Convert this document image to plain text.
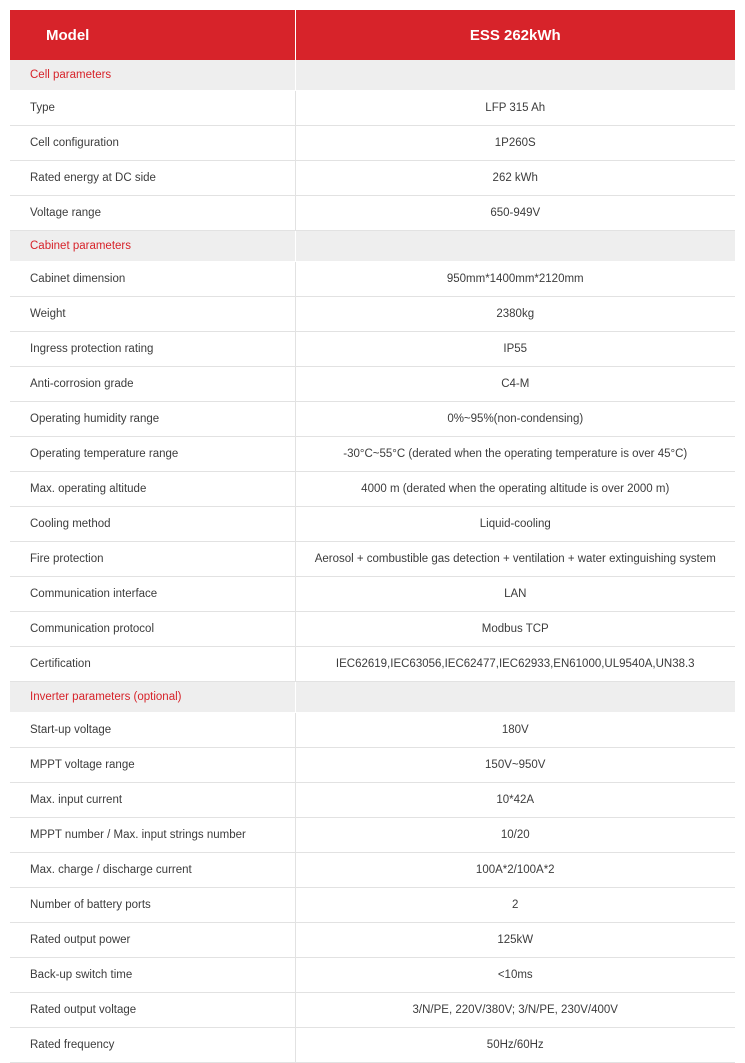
Model	ESS 262kWh
Cell parameters	
Type	LFP 315 Ah
Cell configuration	1P260S
Rated energy at DC side	262 kWh
Voltage range	650-949V
Cabinet parameters	
Cabinet dimension	950mm*1400mm*2120mm
Weight	2380kg
Ingress protection rating	IP55
Anti-corrosion grade	C4-M
Operating humidity range	0%~95%(non-condensing)
Operating temperature range	-30°C~55°C (derated when the operating temperature is over 45°C)
Max. operating altitude	4000 m (derated when the operating altitude is over 2000 m)
Cooling method	Liquid-cooling
Fire protection	Aerosol + combustible gas detection + ventilation + water extinguishing system
Communication interface	LAN
Communication protocol	Modbus TCP
Certification	IEC62619,IEC63056,IEC62477,IEC62933,EN61000,UL9540A,UN38.3
Inverter parameters (optional)	
Start-up voltage	180V
MPPT voltage range	150V~950V
Max. input current	10*42A
MPPT number / Max. input strings number	10/20
Max. charge / discharge current	100A*2/100A*2
Number of battery ports	2
Rated output power	125kW
Back-up switch time	<10ms
Rated output voltage	3/N/PE, 220V/380V; 3/N/PE, 230V/400V
Rated frequency	50Hz/60Hz
